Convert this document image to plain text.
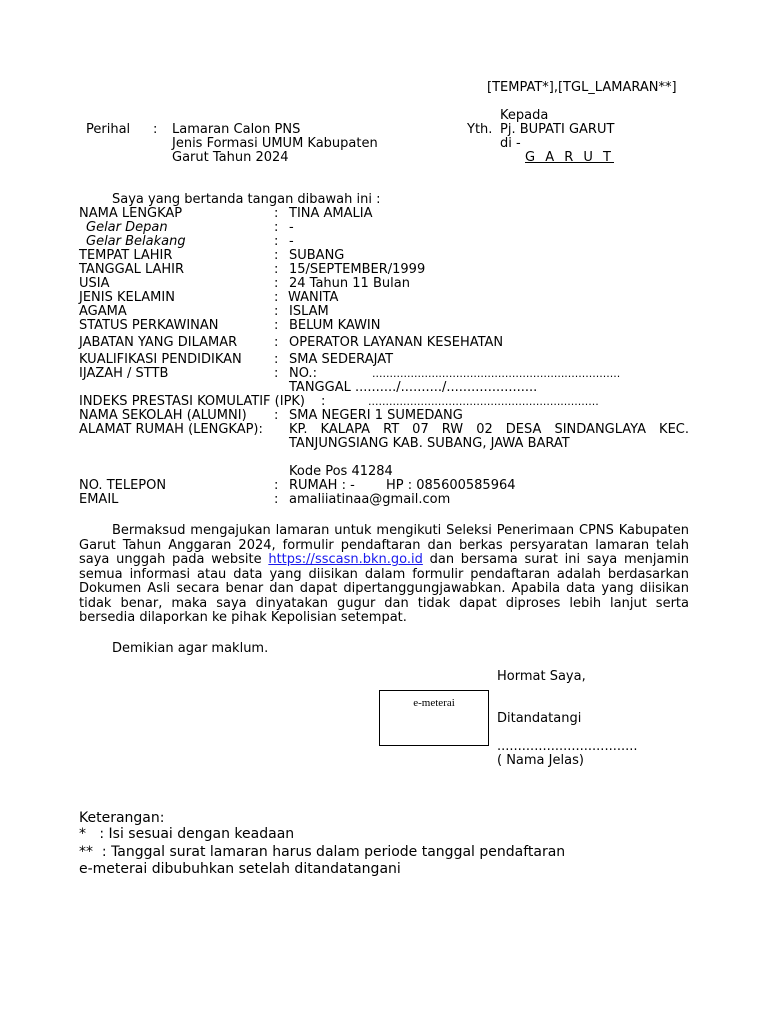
[TEMPAT*],[TGL_LAMARAN**]
Kepada
Yth. Pj. BUPATI GARUT
di -
G A R U T
Perihal : Lamaran Calon PNS
Jenis Formasi UMUM Kabupaten
Garut Tahun 2024
Saya yang bertanda tangan dibawah ini :
NAMA LENGKAP	: TINA AMALIA
Gelar Depan	: -
Gelar Belakang	: -
TEMPAT LAHIR	: SUBANG
TANGGAL LAHIR	: 15/SEPTEMBER/1999
USIA	: 24 Tahun 11 Bulan
JENIS KELAMIN	: WANITA
AGAMA	: ISLAM
STATUS PERKAWINAN	: BELUM KAWIN
JABATAN YANG DILAMAR	: OPERATOR LAYANAN KESEHATAN
KUALIFIKASI PENDIDIKAN : SMA SEDERAJAT
IJAZAH / STTB	: NO.:	.......................................................................
TANGGAL ........../........../......................
INDEKS PRESTASI KOMULATIF (IPK) :	..................................................................
NAMA SEKOLAH (ALUMNI) : SMA NEGERI 1 SUMEDANG
ALAMAT RUMAH (LENGKAP): KP. KALAPA RT 07 RW 02 DESA SINDANGLAYA KEC. TANJUNGSIANG KAB. SUBANG, JAWA BARAT
Kode Pos 41284
NO. TELEPON	: RUMAH : - HP : 085600585964
EMAIL	: amaliiatinaa@gmail.com
Bermaksud mengajukan lamaran untuk mengikuti Seleksi Penerimaan CPNS Kabupaten Garut Tahun Anggaran 2024, formulir pendaftaran dan berkas persyaratan lamaran telah saya unggah pada website https://sscasn.bkn.go.id dan bersama surat ini saya menjamin semua informasi atau data yang diisikan dalam formulir pendaftaran adalah berdasarkan Dokumen Asli secara benar dan dapat dipertanggungjawabkan. Apabila data yang diisikan tidak benar, maka saya dinyatakan gugur dan tidak dapat diproses lebih lanjut serta bersedia dilaporkan ke pihak Kepolisian setempat.
Demikian agar maklum.
Hormat Saya,
e-meterai
Ditandatangi
..................................
( Nama Jelas)
Keterangan:
*   : Isi sesuai dengan keadaan
**  : Tanggal surat lamaran harus dalam periode tanggal pendaftaran
e-meterai dibubuhkan setelah ditandatangani
